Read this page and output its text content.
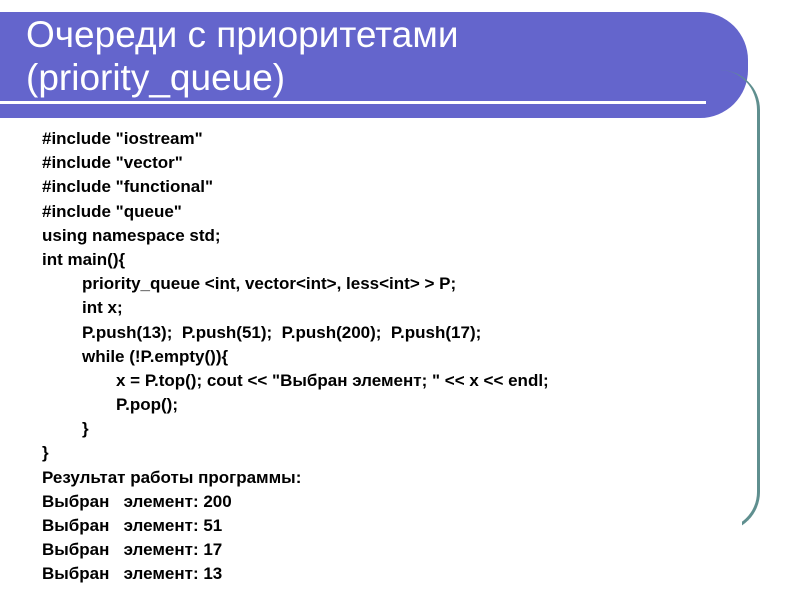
Очереди с приоритетами
(priority_queue)
#include "iostream"
#include "vector"
#include "functional"
#include "queue"
using namespace std;
int main(){
priority_queue <int, vector<int>, less<int> > P;
int x;
P.push(13);  P.push(51);  P.push(200);  P.push(17);
while (!P.empty()){
x = P.top(); cout << "Выбран элемент; " << x << endl;
P.pop();
}
}
Результат работы программы:
Выбран   элемент: 200
Выбран   элемент: 51
Выбран   элемент: 17
Выбран   элемент: 13
